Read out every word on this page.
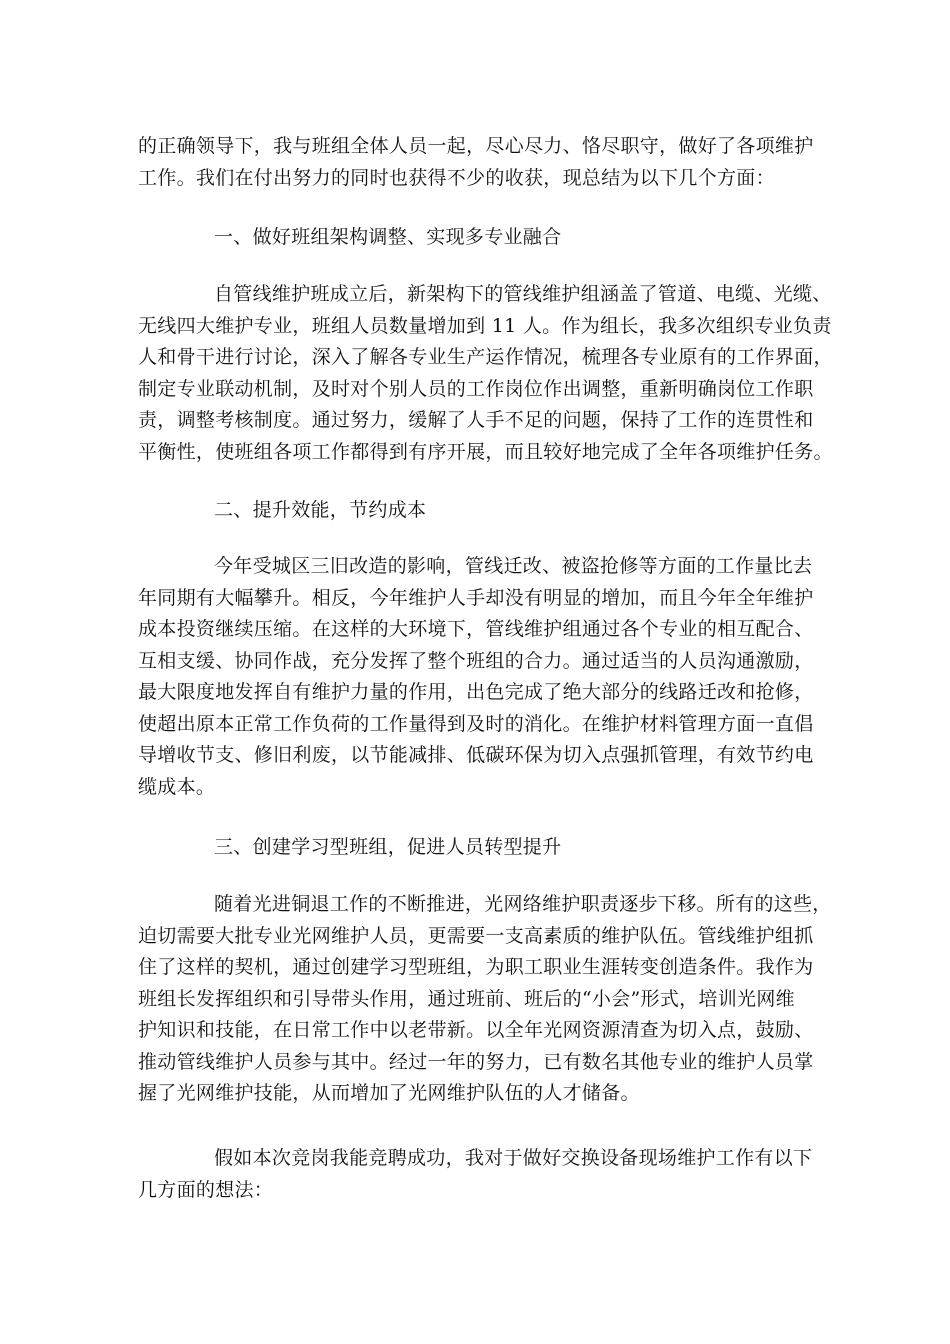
的正确领导下，我与班组全体人员一起，尽心尽力、恪尽职守，做好了各项维护
工作。我们在付出努力的同时也获得不少的收获，现总结为以下几个方面：
一、做好班组架构调整、实现多专业融合
自管线维护班成立后，新架构下的管线维护组涵盖了管道、电缆、光缆、
无线四大维护专业，班组人员数量增加到 11 人。作为组长，我多次组织专业负责
人和骨干进行讨论，深入了解各专业生产运作情况，梳理各专业原有的工作界面，
制定专业联动机制，及时对个别人员的工作岗位作出调整，重新明确岗位工作职
责，调整考核制度。通过努力，缓解了人手不足的问题，保持了工作的连贯性和
平衡性，使班组各项工作都得到有序开展，而且较好地完成了全年各项维护任务。
二、提升效能，节约成本
今年受城区三旧改造的影响，管线迁改、被盗抢修等方面的工作量比去
年同期有大幅攀升。相反，今年维护人手却没有明显的增加，而且今年全年维护
成本投资继续压缩。在这样的大环境下，管线维护组通过各个专业的相互配合、
互相支缓、协同作战，充分发挥了整个班组的合力。通过适当的人员沟通激励，
最大限度地发挥自有维护力量的作用，出色完成了绝大部分的线路迁改和抢修，
使超出原本正常工作负荷的工作量得到及时的消化。在维护材料管理方面一直倡
导增收节支、修旧利废，以节能减排、低碳环保为切入点强抓管理，有效节约电
缆成本。
三、创建学习型班组，促进人员转型提升
随着光进铜退工作的不断推进，光网络维护职责逐步下移。所有的这些，
迫切需要大批专业光网维护人员，更需要一支高素质的维护队伍。管线维护组抓
住了这样的契机，通过创建学习型班组，为职工职业生涯转变创造条件。我作为
班组长发挥组织和引导带头作用，通过班前、班后的“小会”形式，培训光网维
护知识和技能，在日常工作中以老带新。以全年光网资源清查为切入点，鼓励、
推动管线维护人员参与其中。经过一年的努力，已有数名其他专业的维护人员掌
握了光网维护技能，从而增加了光网维护队伍的人才储备。
假如本次竞岗我能竞聘成功，我对于做好交换设备现场维护工作有以下
几方面的想法：
